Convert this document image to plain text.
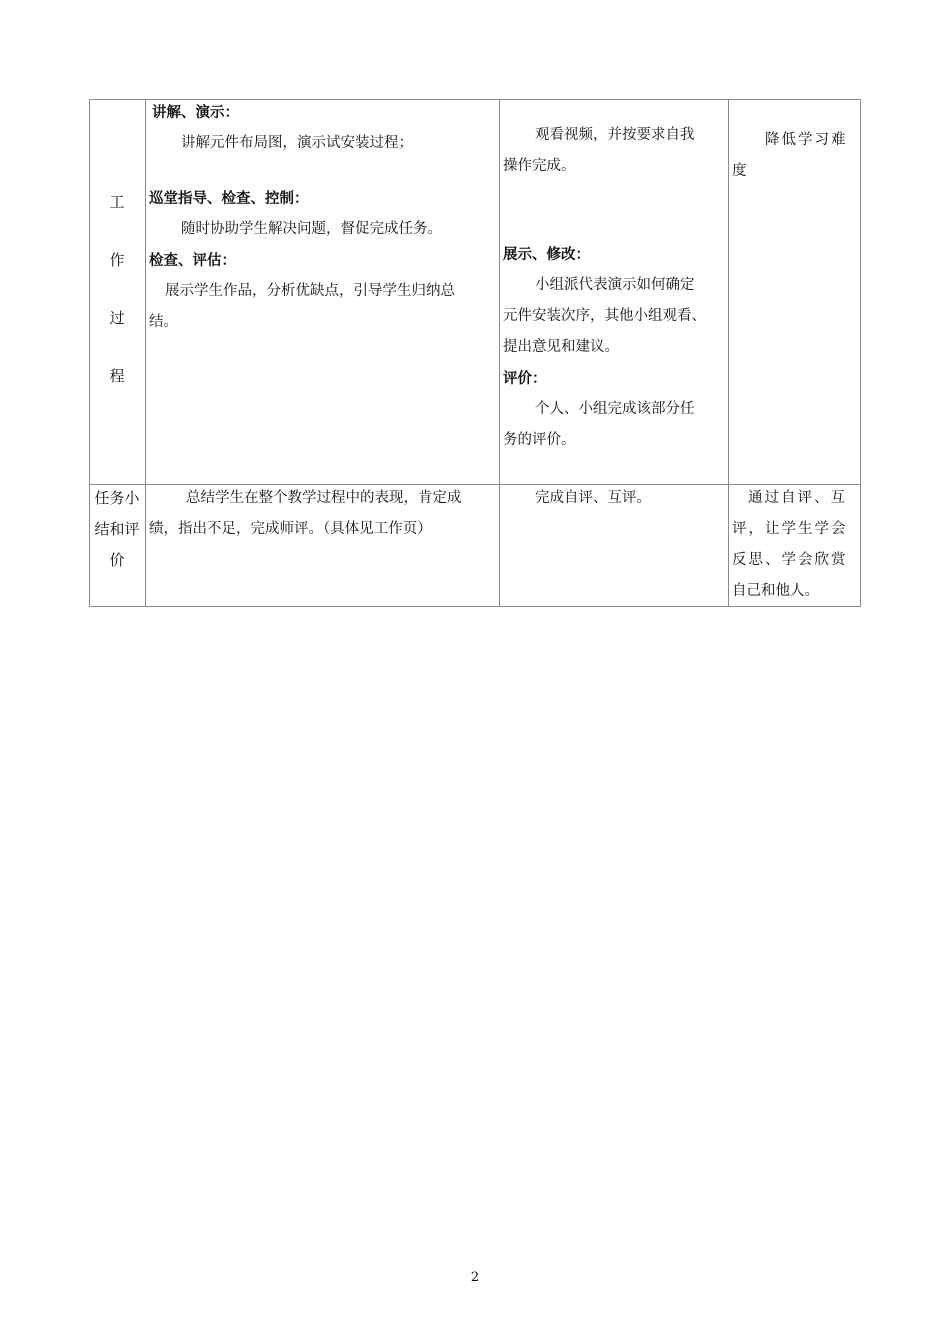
工
作
过
程

讲解、演示：

讲解元件布局图，演示试安装过程；

巡堂指导、检查、控制：

随时协助学生解决问题，督促完成任务。

检查、评估：

展示学生作品，分析优缺点，引导学生归纳总

结。

观看视频，并按要求自我

操作完成。

展示、修改：

小组派代表演示如何确定

元件安装次序，其他小组观看、

提出意见和建议。

评价：

个人、小组完成该部分任

务的评价。

降低学习难

度

任务小
结和评
价

总结学生在整个教学过程中的表现，肯定成

绩，指出不足，完成师评。（具体见工作页）

完成自评、互评。	通过自评、互

评，让学生学会

反思、学会欣赏

自己和他人。

2
